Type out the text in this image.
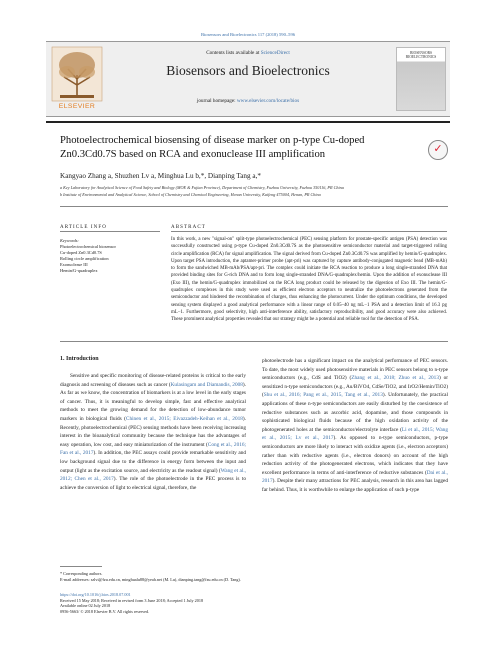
Biosensors and Bioelectronics 117 (2018) 590–596
ELSEVIER
Contents lists available at ScienceDirect
Biosensors and Bioelectronics
journal homepage: www.elsevier.com/locate/bios
BIOSENSORS BIOELECTRONICS
Photoelectrochemical biosensing of disease marker on p-type Cu-doped
Zn0.3Cd0.7S based on RCA and exonuclease III amplification	✓
Kangyao Zhang a, Shuzhen Lv a, Minghua Lu b,*, Dianping Tang a,*
a Key Laboratory for Analytical Science of Food Safety and Biology (MOE & Fujian Province), Department of Chemistry, Fuzhou University, Fuzhou 350116, PR China
b Institute of Environmental and Analytical Science, School of Chemistry and Chemical Engineering, Henan University, Kaifeng 475004, Henan, PR China
ARTICLE INFO
Keywords:
Photoelectrochemical biosensor
Cu-doped Zn0.3Cd0.7S
Rolling circle amplification
Exonuclease III
Hemin/G-quadruplex
ABSTRACT
In this work, a new "signal-on" split-type photoelectrochemical (PEC) sensing platform for prostate-specific antigen (PSA) detection was successfully constructed using p-type Cu-doped Zn0.3Cd0.7S as the photosensitive semiconductor material and target-triggered rolling circle amplification (RCA) for signal amplification. The signal derived from Cu-doped Zn0.3Cd0.7S was amplified by hemin/G-quadruplex. Upon target PSA introduction, the aptamer-primer probe (apt-pri) was captured by capture antibody-conjugated magnetic bead (MB-mAb) to form the sandwiched MB-mAb/PSA/apt-pri. The complex could initiate the RCA reaction to produce a long single-stranded DNA that provided binding sites for G-rich DNA and to form long single-stranded DNA/G-quadruplex/hemin. Upon the addition of exonuclease III (Exo III), the hemin/G-quadruplex immobilized on the RCA long product could be released by the digestion of Exo III. The hemin/G-quadruplex complexes in this study were used as efficient electron acceptors to neutralize the photoelectrons generated from the semiconductor and hindered the recombination of charges, thus enhancing the photocurrent. Under the optimum conditions, the developed sensing system displayed a good analytical performance with a linear range of 0.05–40 ng mL−1 PSA and a detection limit of 16.3 pg mL−1. Furthermore, good selectivity, high anti-interference ability, satisfactory reproducibility, and good accuracy were also achieved. These prominent analytical properties revealed that our strategy might be a potential and reliable tool for the detection of PSA.
1. Introduction
Sensitive and specific monitoring of disease-related proteins is critical to the early diagnosis and screening of diseases such as cancer (Kulasingam and Diamandis, 2008). As far as we know, the concentration of biomarkers is at a low level in the early stages of cancer. Thus, it is meaningful to develop simple, fast and effective analytical methods to meet the growing demand for the detection of low-abundance tumor markers in biological fluids (Chinen et al., 2015; Eivazzadeh-Keihan et al., 2018). Recently, photoelectrochemical (PEC) sensing methods have been receiving increasing interest in the bioanalytical community because the technique has the advantages of easy operation, low cost, and easy miniaturization of the instrument (Cong et al., 2016; Fan et al., 2017). In addition, the PEC assays could provide remarkable sensitivity and low background signal due to the difference in energy form between the input and output (light as the excitation source, and electricity as the readout signal) (Wang et al., 2012; Chen et al., 2017). The role of the photoelectrode in the PEC process is to achieve the conversion of light to electrical signal, therefore, the
photoelectrode has a significant impact on the analytical performance of PEC sensors. To date, the most widely used photosensitive materials in PEC sensors belong to n-type semiconductors (e.g., CdS and TiO2) (Zhang et al., 2018; Zhuo et al., 2013) or sensitized n-type semiconductors (e.g., Au/BiVO4, CdSe/TiO2, and IrO2/Hemin/TiO2) (Shu et al., 2016; Pang et al., 2015, Tang et al., 2013). Unfortunately, the practical applications of these n-type semiconductors are easily disturbed by the coexistence of reductive substances such as ascorbic acid, dopamine, and those compounds in sophisticated biological fluids because of the high oxidation activity of the photogenerated holes at the semiconductor/electrolyte interface (Li et al., 2015; Wang et al., 2015; Lv et al., 2017). As opposed to n-type semiconductors, p-type semiconductors are more likely to interact with oxidize agents (i.e., electron acceptors) rather than with reductive agents (i.e., electron donors) on account of the high reduction activity of the photogenerated electrons, which indicates that they have excellent performance in terms of anti-interference of reductive substances (Dai et al., 2017). Despite their many attractions for PEC analysis, research in this area has lagged far behind. Thus, it is worthwhile to enlarge the application of such p-type
* Corresponding authors.
E-mail addresses: szlvi@fzu.edu.cn, minghualu88@yeah.net (M. Lu), dianping.tang@fzu.edu.cn (D. Tang).
https://doi.org/10.1016/j.bios.2018.07.001
Received 15 May 2018; Received in revised form 3 June 2018; Accepted 1 July 2018
Available online 02 July 2018
0956-5663/ © 2018 Elsevier B.V. All rights reserved.
